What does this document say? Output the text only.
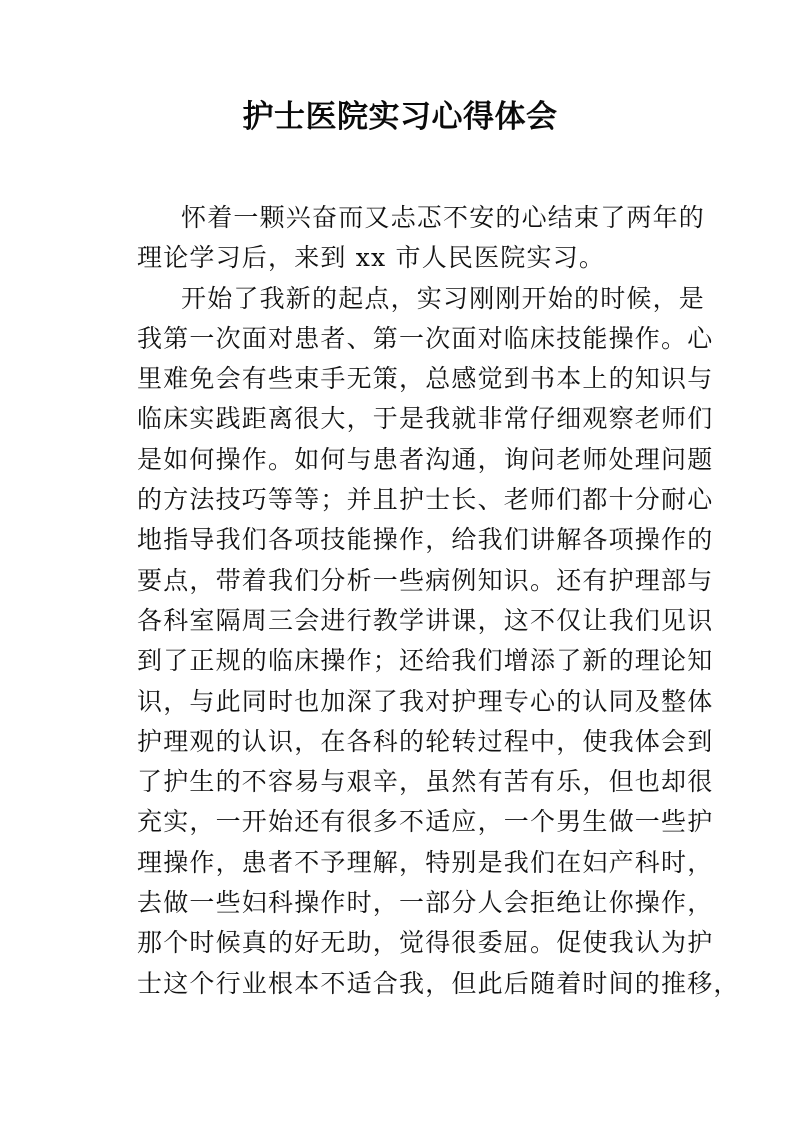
护士医院实习心得体会
怀着一颗兴奋而又忐忑不安的心结束了两年的
理论学习后，来到 xx 市人民医院实习。
开始了我新的起点，实习刚刚开始的时候，是
我第一次面对患者、第一次面对临床技能操作。心
里难免会有些束手无策，总感觉到书本上的知识与
临床实践距离很大，于是我就非常仔细观察老师们
是如何操作。如何与患者沟通，询问老师处理问题
的方法技巧等等；并且护士长、老师们都十分耐心
地指导我们各项技能操作，给我们讲解各项操作的
要点，带着我们分析一些病例知识。还有护理部与
各科室隔周三会进行教学讲课，这不仅让我们见识
到了正规的临床操作；还给我们增添了新的理论知
识，与此同时也加深了我对护理专心的认同及整体
护理观的认识，在各科的轮转过程中，使我体会到
了护生的不容易与艰辛，虽然有苦有乐，但也却很
充实，一开始还有很多不适应，一个男生做一些护
理操作，患者不予理解，特别是我们在妇产科时，
去做一些妇科操作时，一部分人会拒绝让你操作，
那个时候真的好无助，觉得很委屈。促使我认为护
士这个行业根本不适合我，但此后随着时间的推移，
